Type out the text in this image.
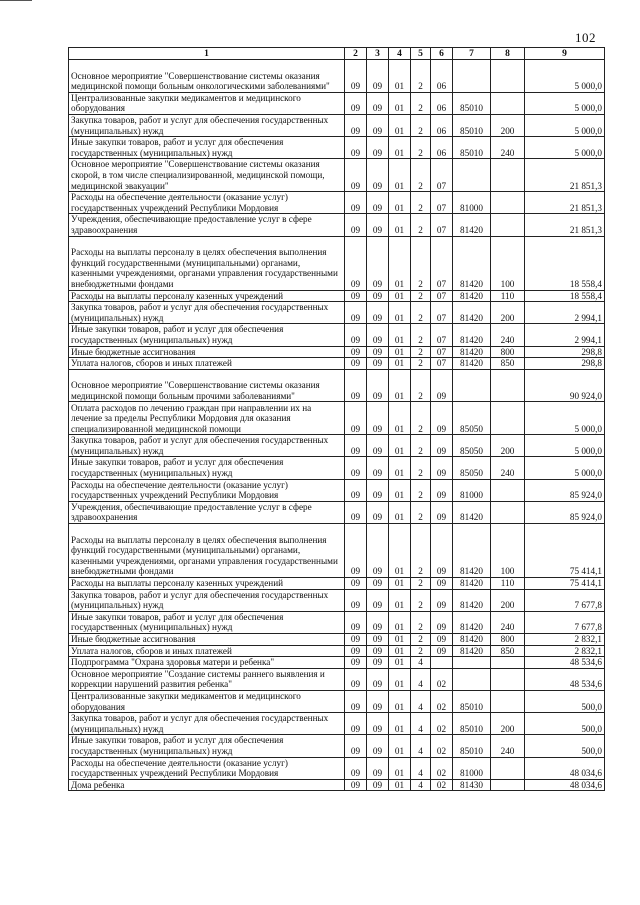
102
1	2	3	4	5	6	7	8	9
Основное мероприятие "Совершенствование системы оказания медицинской помощи больным онкологическими заболеваниями"	09	09	01	2	06			5 000,0
Централизованные закупки медикаментов и медицинского оборудования	09	09	01	2	06	85010		5 000,0
Закупка товаров, работ и услуг для обеспечения государственных (муниципальных) нужд	09	09	01	2	06	85010	200	5 000,0
Иные закупки товаров, работ и услуг для обеспечения государственных (муниципальных) нужд	09	09	01	2	06	85010	240	5 000,0
Основное мероприятие "Совершенствование системы оказания скорой, в том числе специализированной, медицинской помощи, медицинской эвакуации"	09	09	01	2	07			21 851,3
Расходы на обеспечение деятельности (оказание услуг) государственных учреждений Республики Мордовия	09	09	01	2	07	81000		21 851,3
Учреждения, обеспечивающие предоставление услуг в сфере здравоохранения	09	09	01	2	07	81420		21 851,3
Расходы на выплаты персоналу в целях обеспечения выполнения функций государственными (муниципальными) органами, казенными учреждениями, органами управления государственными внебюджетными фондами	09	09	01	2	07	81420	100	18 558,4
Расходы на выплаты персоналу казенных учреждений	09	09	01	2	07	81420	110	18 558,4
Закупка товаров, работ и услуг для обеспечения государственных (муниципальных) нужд	09	09	01	2	07	81420	200	2 994,1
Иные закупки товаров, работ и услуг для обеспечения государственных (муниципальных) нужд	09	09	01	2	07	81420	240	2 994,1
Иные бюджетные ассигнования	09	09	01	2	07	81420	800	298,8
Уплата налогов, сборов и иных платежей	09	09	01	2	07	81420	850	298,8
Основное мероприятие "Совершенствование системы оказания медицинской помощи больным прочими заболеваниями"	09	09	01	2	09			90 924,0
Оплата расходов по лечению граждан при направлении их на лечение за пределы Республики Мордовия для оказания специализированной медицинской помощи	09	09	01	2	09	85050		5 000,0
Закупка товаров, работ и услуг для обеспечения государственных (муниципальных) нужд	09	09	01	2	09	85050	200	5 000,0
Иные закупки товаров, работ и услуг для обеспечения государственных (муниципальных) нужд	09	09	01	2	09	85050	240	5 000,0
Расходы на обеспечение деятельности (оказание услуг) государственных учреждений Республики Мордовия	09	09	01	2	09	81000		85 924,0
Учреждения, обеспечивающие предоставление услуг в сфере здравоохранения	09	09	01	2	09	81420		85 924,0
Расходы на выплаты персоналу в целях обеспечения выполнения функций государственными (муниципальными) органами, казенными учреждениями, органами управления государственными внебюджетными фондами	09	09	01	2	09	81420	100	75 414,1
Расходы на выплаты персоналу казенных учреждений	09	09	01	2	09	81420	110	75 414,1
Закупка товаров, работ и услуг для обеспечения государственных (муниципальных) нужд	09	09	01	2	09	81420	200	7 677,8
Иные закупки товаров, работ и услуг для обеспечения государственных (муниципальных) нужд	09	09	01	2	09	81420	240	7 677,8
Иные бюджетные ассигнования	09	09	01	2	09	81420	800	2 832,1
Уплата налогов, сборов и иных платежей	09	09	01	2	09	81420	850	2 832,1
Подпрограмма "Охрана здоровья матери и ребенка"	09	09	01	4				48 534,6
Основное мероприятие "Создание системы раннего выявления и коррекции нарушений развития ребенка"	09	09	01	4	02			48 534,6
Централизованные закупки медикаментов и медицинского оборудования	09	09	01	4	02	85010		500,0
Закупка товаров, работ и услуг для обеспечения государственных (муниципальных) нужд	09	09	01	4	02	85010	200	500,0
Иные закупки товаров, работ и услуг для обеспечения государственных (муниципальных) нужд	09	09	01	4	02	85010	240	500,0
Расходы на обеспечение деятельности (оказание услуг) государственных учреждений Республики Мордовия	09	09	01	4	02	81000		48 034,6
Дома ребенка	09	09	01	4	02	81430		48 034,6
